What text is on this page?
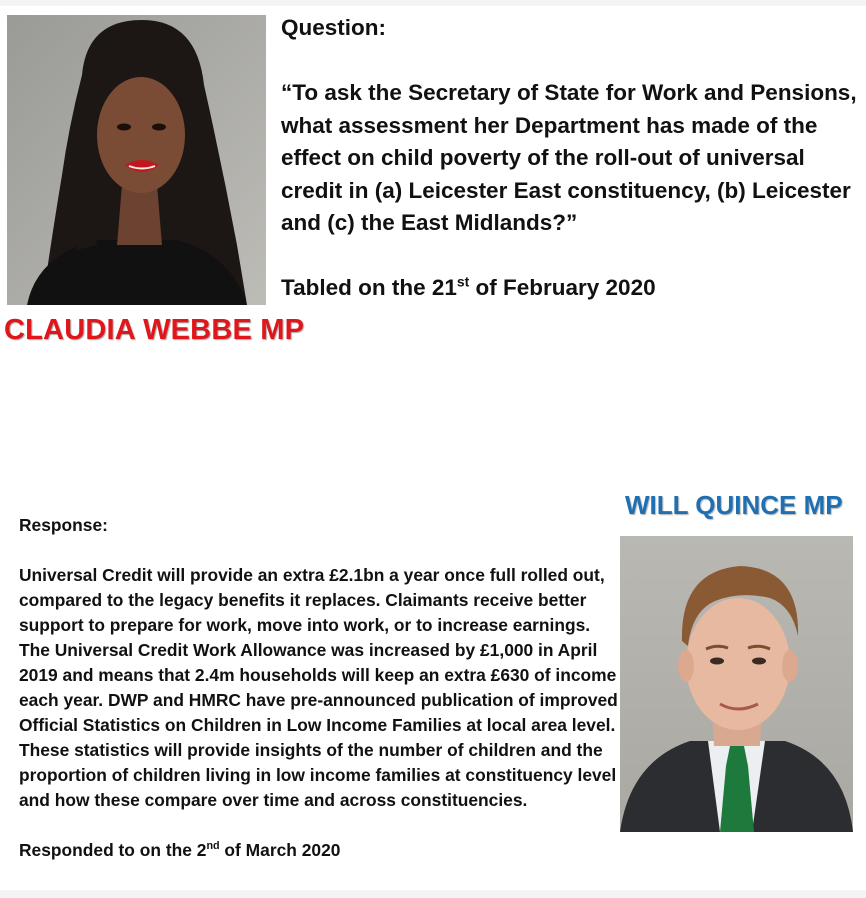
Question:

“To ask the Secretary of State for Work and Pensions, what assessment her Department has made of the effect on child poverty of the roll-out of universal credit in (a) Leicester East constituency, (b) Leicester and (c) the East Midlands?”

Tabled on the 21st of February 2020

CLAUDIA WEBBE MP
WILL QUINCE MP

Response:

Universal Credit will provide an extra £2.1bn a year once full rolled out, compared to the legacy benefits it replaces. Claimants receive better support to prepare for work, move into work, or to increase earnings. The Universal Credit Work Allowance was increased by £1,000 in April 2019 and means that 2.4m households will keep an extra £630 of income each year. DWP and HMRC have pre-announced publication of improved Official Statistics on Children in Low Income Families at local area level. These statistics will provide insights of the number of children and the proportion of children living in low income families at constituency level and how these compare over time and across constituencies.

Responded to on the 2nd of March 2020
